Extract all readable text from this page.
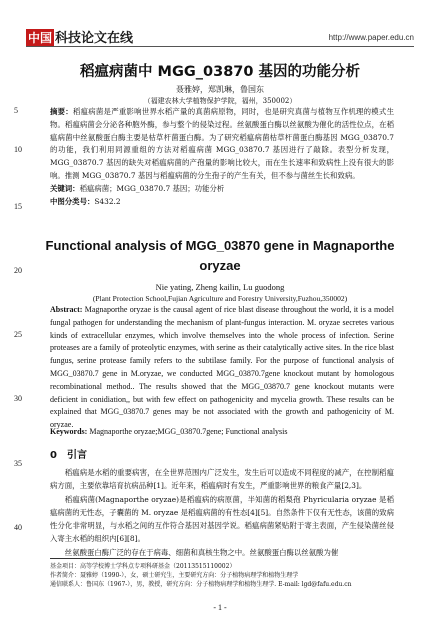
中国 科技论文在线	http://www.paper.edu.cn
稻瘟病菌中 MGG_03870 基因的功能分析
聂雅婷，郑凯琳，鲁国东
（福建农林大学植物保护学院，福州，350002）
5
10
15
20
25
30
35
40
摘要：稻瘟病菌是严重影响世界水稻产量的真菌病原物，同时，也是研究真菌与植物互作机理的模式生物。稻瘟病菌会分泌各种胞外酶，参与整个的侵染过程。丝氨酸蛋白酶以丝氨酸为催化的活性位点，在稻瘟病菌中丝氨酸蛋白酶主要是枯草杆菌蛋白酶。为了研究稻瘟病菌枯草杆菌蛋白酶基因 MGG_03870.7 的功能，我们利用同源重组的方法对稻瘟病菌 MGG_03870.7 基因进行了敲除。表型分析发现，MGG_03870.7 基因的缺失对稻瘟病菌的产孢量的影响比较大，而在生长速率和致病性上没有很大的影响。推测 MGG_03870.7 基因与稻瘟病菌的分生孢子的产生有关，但不参与菌丝生长和致病。
关键词：稻瘟病菌；MGG_03870.7 基因；功能分析
中图分类号：S432.2
Functional analysis of MGG_03870 gene in Magnaporthe oryzae
Nie yating, Zheng kailin, Lu guodong
(Plant Protection School,Fujian Agriculture and Forestry University,Fuzhou,350002)
Abstract: Magnaporthe oryzae is the causal agent of rice blast disease throughout the world, it is a model fungal pathogen for understanding the mechanism of plant-fungus interaction. M. oryzae secretes various kinds of extracellular enzymes, which involve themselves into the whole process of infection. Serine proteases are a family of proteolytic enzymes, with serine as their catalytically active sites. In the rice blast fungus, serine protease family refers to the subtilase family. For the purpose of functional analysis of MGG_03870.7 gene in M.oryzae, we conducted MGG_03870.7gene knockout mutant by homologous recombinational method.. The results showed that the MGG_03870.7 gene knockout mutants were deficient in conidiation,, but with few effect on pathogenicity and mycelia growth. These results can be explained that MGG_03870.7 genes may be not associated with the growth and pathogenicity of M. oryzae.
Keywords: Magnaporthe oryzae;MGG_03870.7gene; Functional analysis
0　引言

稻瘟病是水稻的重要病害，在全世界范围内广泛发生，发生后可以造成不同程度的减产，在控制稻瘟病方面，主要依靠培育抗病品种[1]。近年来，稻瘟病时有发生，严重影响世界的粮食产量[2,3]。

稻瘟病菌(Magnaporthe oryzae)是稻瘟病的病原菌，半知菌的稻梨孢 Phyricularia oryzae 是稻瘟病菌的无性态，子囊菌的 M. oryzae 是稻瘟病菌的有性态[4][5]。自然条件下仅有无性态，该菌的致病性分化非常明显，与水稻之间的互作符合基因对基因学说。稻瘟病菌紧贴附于寄主表面，产生侵染菌丝侵入寄主水稻的组织内[6][8]。

丝氨酸蛋白酶广泛的存在于病毒、细菌和真核生物之中。丝氨酸蛋白酶以丝氨酸为催

基金项目：高等学校博士学科点专项科研基金（20113515110002）
作者简介：聂雅婷（1990-），女，硕士研究生，主要研究方向：分子植物病理学和植物生理学
通信联系人：鲁国东（1967-），男，教授，研究方向：分子植物病理学和植物生理学. E-mail: lgd@fafu.edu.cn
- 1 -
